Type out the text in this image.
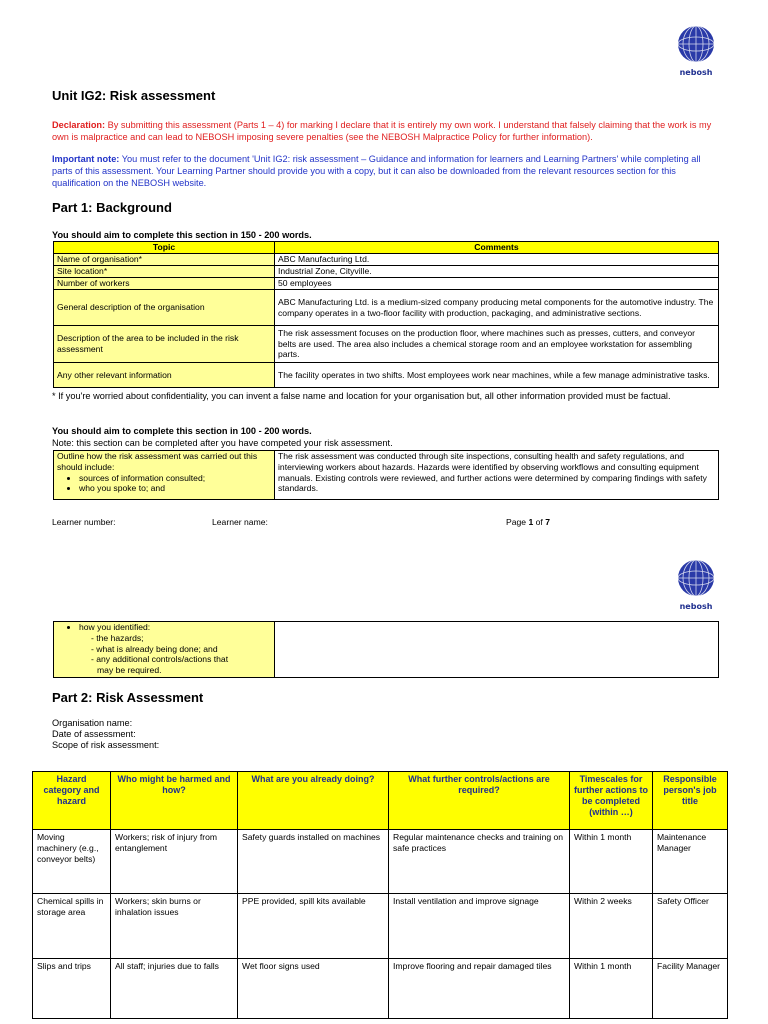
nebosh
Unit IG2: Risk assessment
Declaration: By submitting this assessment (Parts 1 – 4) for marking I declare that it is entirely my own work. I understand that falsely claiming that the work is my own is malpractice and can lead to NEBOSH imposing severe penalties (see the NEBOSH Malpractice Policy for further information).
Important note: You must refer to the document 'Unit IG2: risk assessment – Guidance and information for learners and Learning Partners' while completing all parts of this assessment. Your Learning Partner should provide you with a copy, but it can also be downloaded from the relevant resources section for this qualification on the NEBOSH website.
Part 1: Background
You should aim to complete this section in 150 - 200 words.
Topic	Comments
Name of organisation*	ABC Manufacturing Ltd.
Site location*	Industrial Zone, Cityville.
Number of workers	50 employees
General description of the organisation	ABC Manufacturing Ltd. is a medium-sized company producing metal components for the automotive industry. The company operates in a two-floor facility with production, packaging, and administrative sections.
Description of the area to be included in the risk assessment	The risk assessment focuses on the production floor, where machines such as presses, cutters, and conveyor belts are used. The area also includes a chemical storage room and an employee workstation for assembling parts.
Any other relevant information	The facility operates in two shifts. Most employees work near machines, while a few manage administrative tasks.
* If you're worried about confidentiality, you can invent a false name and location for your organisation but, all other information provided must be factual.
You should aim to complete this section in 100 - 200 words.
Note: this section can be completed after you have competed your risk assessment.
Outline how the risk assessment was carried out this should include:
• sources of information consulted;
• who you spoke to; and
	The risk assessment was conducted through site inspections, consulting health and safety regulations, and interviewing workers about hazards. Hazards were identified by observing workflows and consulting equipment manuals. Existing controls were reviewed, and further actions were determined by comparing findings with safety standards.
Learner number:	Learner name:	Page 1 of 7
nebosh
• how you identified:
- the hazards;
- what is already being done; and
- any additional controls/actions that
may be required.

Part 2: Risk Assessment
Organisation name:
Date of assessment:
Scope of risk assessment:
Hazard category and hazard	Who might be harmed and how?	What are you already doing?	What further controls/actions are required?	Timescales for further actions to be completed (within …)	Responsible person's job title
Moving machinery (e.g., conveyor belts)	Workers; risk of injury from entanglement	Safety guards installed on machines	Regular maintenance checks and training on safe practices	Within 1 month	Maintenance Manager
Chemical spills in storage area	Workers; skin burns or inhalation issues	PPE provided, spill kits available	Install ventilation and improve signage	Within 2 weeks	Safety Officer
Slips and trips	All staff; injuries due to falls	Wet floor signs used	Improve flooring and repair damaged tiles	Within 1 month	Facility Manager
